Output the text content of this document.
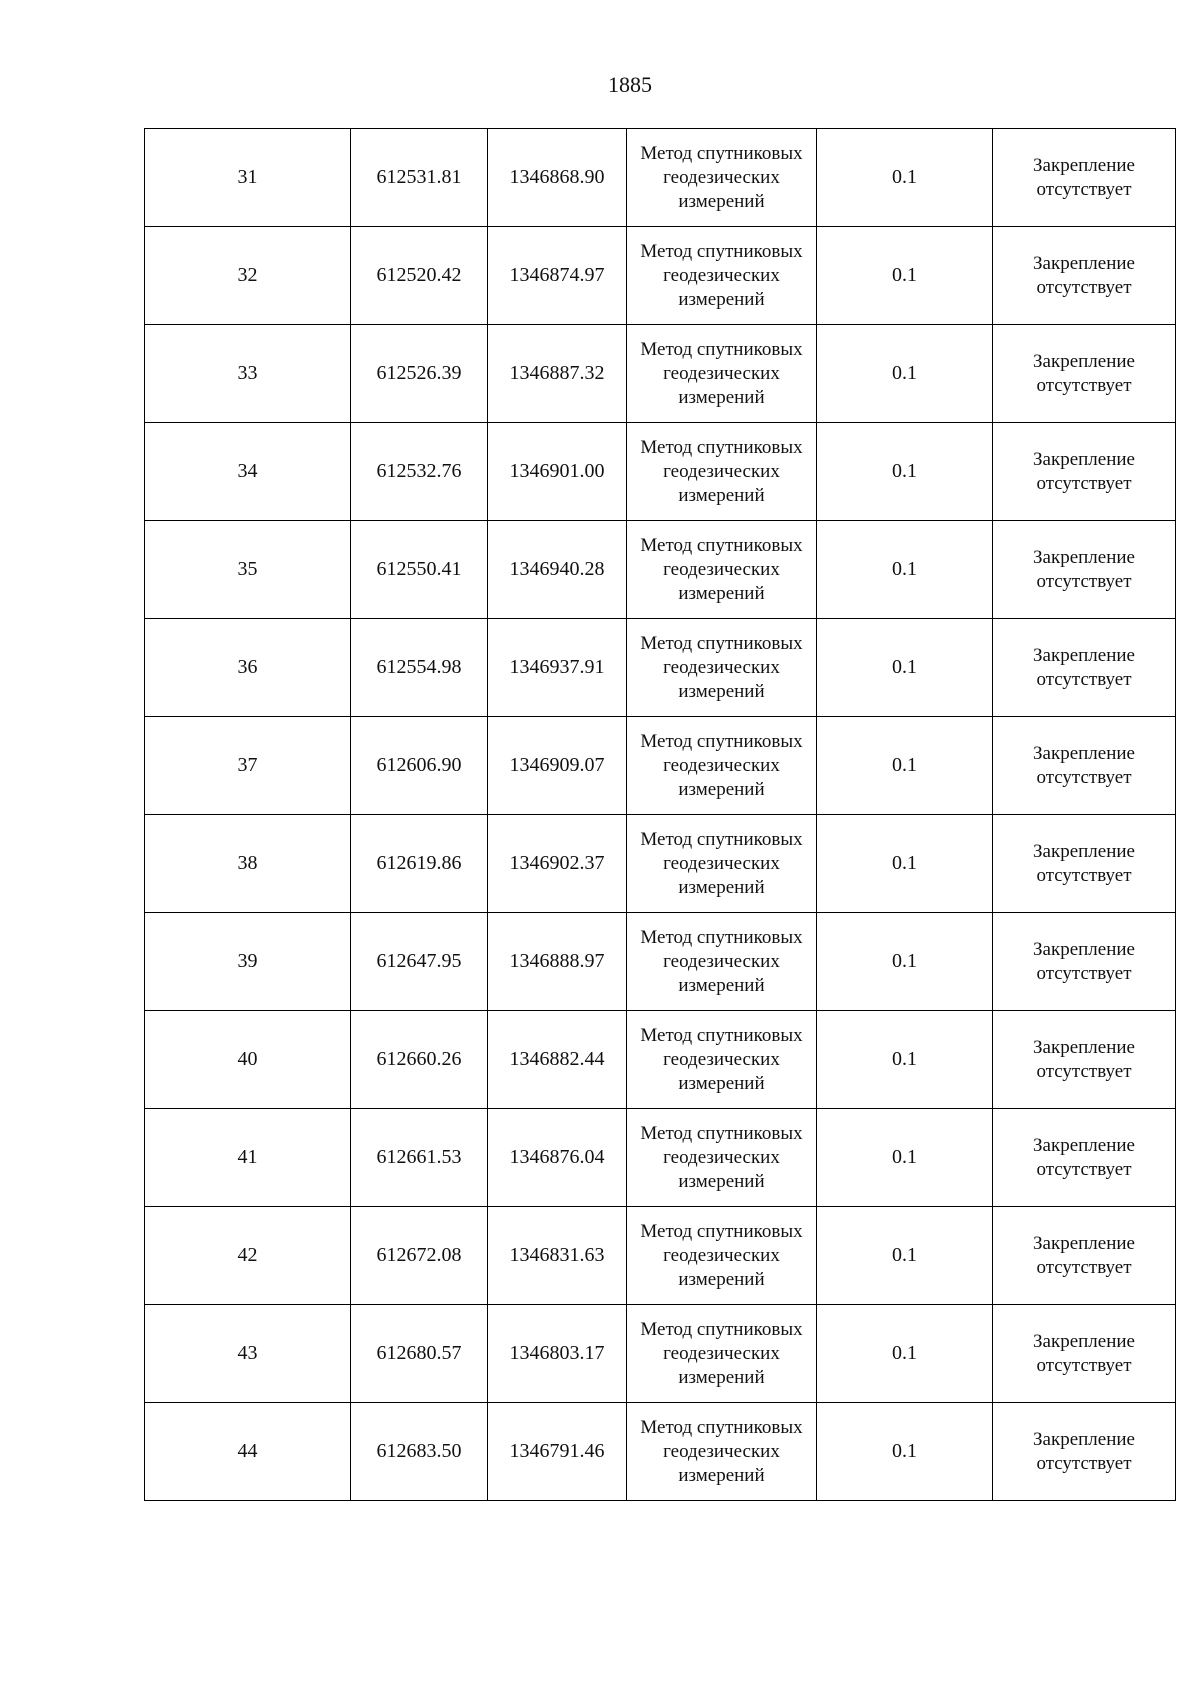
1885
31	612531.81	1346868.90	Метод спутниковых геодезических измерений	0.1	Закрепление отсутствует

32	612520.42	1346874.97	Метод спутниковых геодезических измерений	0.1	Закрепление отсутствует

33	612526.39	1346887.32	Метод спутниковых геодезических измерений	0.1	Закрепление отсутствует

34	612532.76	1346901.00	Метод спутниковых геодезических измерений	0.1	Закрепление отсутствует

35	612550.41	1346940.28	Метод спутниковых геодезических измерений	0.1	Закрепление отсутствует

36	612554.98	1346937.91	Метод спутниковых геодезических измерений	0.1	Закрепление отсутствует

37	612606.90	1346909.07	Метод спутниковых геодезических измерений	0.1	Закрепление отсутствует

38	612619.86	1346902.37	Метод спутниковых геодезических измерений	0.1	Закрепление отсутствует

39	612647.95	1346888.97	Метод спутниковых геодезических измерений	0.1	Закрепление отсутствует

40	612660.26	1346882.44	Метод спутниковых геодезических измерений	0.1	Закрепление отсутствует

41	612661.53	1346876.04	Метод спутниковых геодезических измерений	0.1	Закрепление отсутствует

42	612672.08	1346831.63	Метод спутниковых геодезических измерений	0.1	Закрепление отсутствует

43	612680.57	1346803.17	Метод спутниковых геодезических измерений	0.1	Закрепление отсутствует

44	612683.50	1346791.46	Метод спутниковых геодезических измерений	0.1	Закрепление отсутствует
